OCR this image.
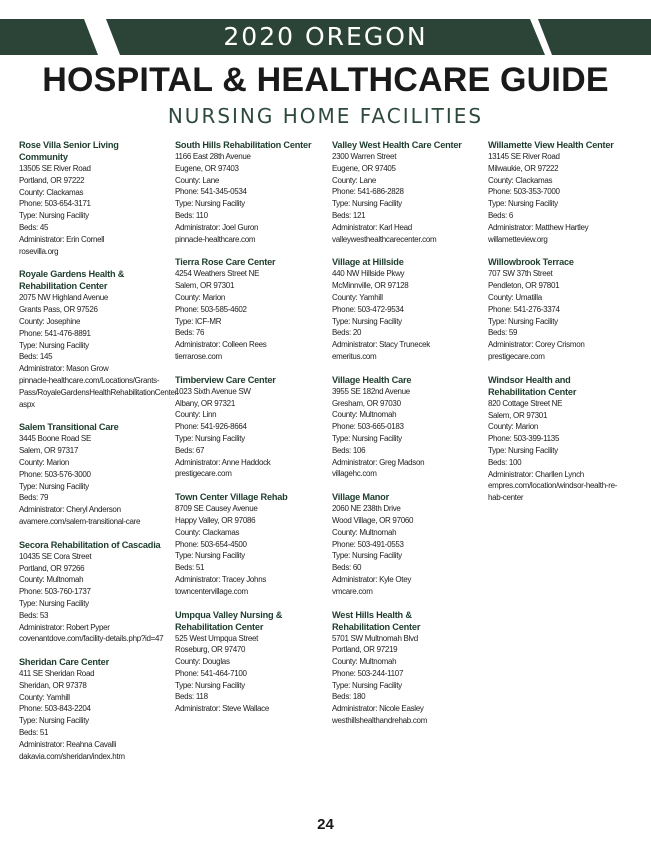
2020 OREGON
HOSPITAL & HEALTHCARE GUIDE
NURSING HOME FACILITIES
Rose Villa Senior Living Community
13505 SE River Road
Portland, OR 97222
County: Clackamas
Phone: 503-654-3171
Type: Nursing Facility
Beds: 45
Administrator: Erin Cornell
rosevilla.org
Royale Gardens Health &
Rehabilitation Center
2075 NW Highland Avenue
Grants Pass, OR 97526
County: Josephine
Phone: 541-476-8891
Type: Nursing Facility
Beds: 145
Administrator: Mason Grow
pinnacle-healthcare.com/Locations/Grants-
Pass/RoyaleGardensHealthRehabilitationCenter.
aspx
Salem Transitional Care
3445 Boone Road SE
Salem, OR 97317
County: Marion
Phone: 503-576-3000
Type: Nursing Facility
Beds: 79
Administrator: Cheryl Anderson
avamere.com/salem-transitional-care
Secora Rehabilitation of Cascadia
10435 SE Cora Street
Portland, OR 97266
County: Multnomah
Phone: 503-760-1737
Type: Nursing Facility
Beds: 53
Administrator: Robert Pyper
covenantdove.com/facility-details.php?id=47
Sheridan Care Center
411 SE Sheridan Road
Sheridan, OR 97378
County: Yamhill
Phone: 503-843-2204
Type: Nursing Facility
Beds: 51
Administrator: Reahna Cavalli
dakavia.com/sheridan/index.htm
South Hills Rehabilitation Center
1166 East 28th Avenue
Eugene, OR 97403
County: Lane
Phone: 541-345-0534
Type: Nursing Facility
Beds: 110
Administrator: Joel Guron
pinnacle-healthcare.com
Tierra Rose Care Center
4254 Weathers Street NE
Salem, OR 97301
County: Marion
Phone: 503-585-4602
Type: ICF-MR
Beds: 76
Administrator: Colleen Rees
tierrarose.com
Timberview Care Center
1023 Sixth Avenue SW
Albany, OR 97321
County: Linn
Phone: 541-926-8664
Type: Nursing Facility
Beds: 67
Administrator: Anne Haddock
prestigecare.com
Town Center Village Rehab
8709 SE Causey Avenue
Happy Valley, OR 97086
County: Clackamas
Phone: 503-654-4500
Type: Nursing Facility
Beds: 51
Administrator: Tracey Johns
towncentervillage.com
Umpqua Valley Nursing &
Rehabilitation Center
525 West Umpqua Street
Roseburg, OR 97470
County: Douglas
Phone: 541-464-7100
Type: Nursing Facility
Beds: 118
Administrator: Steve Wallace
Valley West Health Care Center
2300 Warren Street
Eugene, OR 97405
County: Lane
Phone: 541-686-2828
Type: Nursing Facility
Beds: 121
Administrator: Karl Head
valleywesthealthcarecenter.com
Village at Hillside
440 NW Hillside Pkwy
McMinnville, OR 97128
County: Yamhill
Phone: 503-472-9534
Type: Nursing Facility
Beds: 20
Administrator: Stacy Trunecek
emeritus.com
Village Health Care
3955 SE 182nd Avenue
Gresham, OR 97030
County: Multnomah
Phone: 503-665-0183
Type: Nursing Facility
Beds: 106
Administrator: Greg Madson
villagehc.com
Village Manor
2060 NE 238th Drive
Wood Village, OR 97060
County: Multnomah
Phone: 503-491-0553
Type: Nursing Facility
Beds: 60
Administrator: Kyle Otey
vmcare.com
West Hills Health &
Rehabilitation Center
5701 SW Multnomah Blvd
Portland, OR 97219
County: Multnomah
Phone: 503-244-1107
Type: Nursing Facility
Beds: 180
Administrator: Nicole Easley
westhillshealthandrehab.com
Willamette View Health Center
13145 SE River Road
Milwaukie, OR 97222
County: Clackamas
Phone: 503-353-7000
Type: Nursing Facility
Beds: 6
Administrator: Matthew Hartley
willametteview.org
Willowbrook Terrace
707 SW 37th Street
Pendleton, OR 97801
County: Umatilla
Phone: 541-276-3374
Type: Nursing Facility
Beds: 59
Administrator: Corey Crismon
prestigecare.com
Windsor Health and
Rehabilitation Center
820 Cottage Street NE
Salem, OR 97301
County: Marion
Phone: 503-399-1135
Type: Nursing Facility
Beds: 100
Administrator: Charllen Lynch
empres.com/location/windsor-health-re-
hab-center
24
